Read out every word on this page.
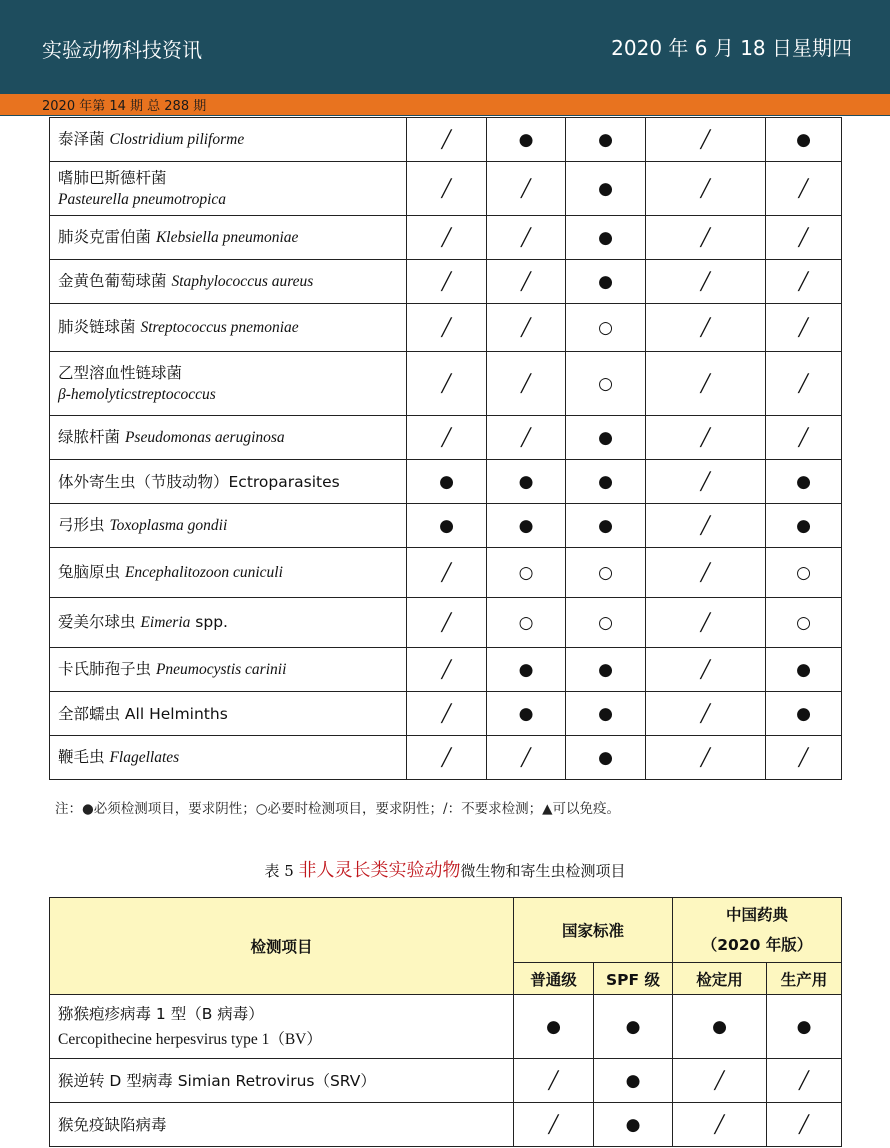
实验动物科技资讯	2020 年 6 月 18 日星期四
2020 年第 14 期 总 288 期
泰泽菌 Clostridium piliforme	╱	●	●	╱	●
嗜肺巴斯德杆菌
Pasteurella pneumotropica	╱	╱	●	╱	╱
肺炎克雷伯菌 Klebsiella pneumoniae	╱	╱	●	╱	╱
金黄色葡萄球菌 Staphylococcus aureus	╱	╱	●	╱	╱
肺炎链球菌 Streptococcus pnemoniae	╱	╱	○	╱	╱
乙型溶血性链球菌
β-hemolyticstreptococcus	╱	╱	○	╱	╱
绿脓杆菌 Pseudomonas aeruginosa	╱	╱	●	╱	╱
体外寄生虫（节肢动物）Ectroparasites	●	●	●	╱	●
弓形虫 Toxoplasma gondii	●	●	●	╱	●
兔脑原虫 Encephalitozoon cuniculi	╱	○	○	╱	○
爱美尔球虫 Eimeria spp.	╱	○	○	╱	○
卡氏肺孢子虫 Pneumocystis carinii	╱	●	●	╱	●
全部蠕虫 All Helminths	╱	●	●	╱	●
鞭毛虫 Flagellates	╱	╱	●	╱	╱
注：●必须检测项目，要求阴性；○必要时检测项目，要求阴性；/：不要求检测；▲可以免疫。
表 5 非人灵长类实验动物微生物和寄生虫检测项目
检测项目	国家标准		中国药典
（2020 年版）	

	普通级	SPF 级	检定用	生产用

猕猴疱疹病毒 1 型（B 病毒）
Cercopithecine herpesvirus type 1（BV）	●	●	●	●

猴逆转 D 型病毒 Simian Retrovirus（SRV）	╱	●	╱	╱

猴免疫缺陷病毒	╱	●	╱	╱
